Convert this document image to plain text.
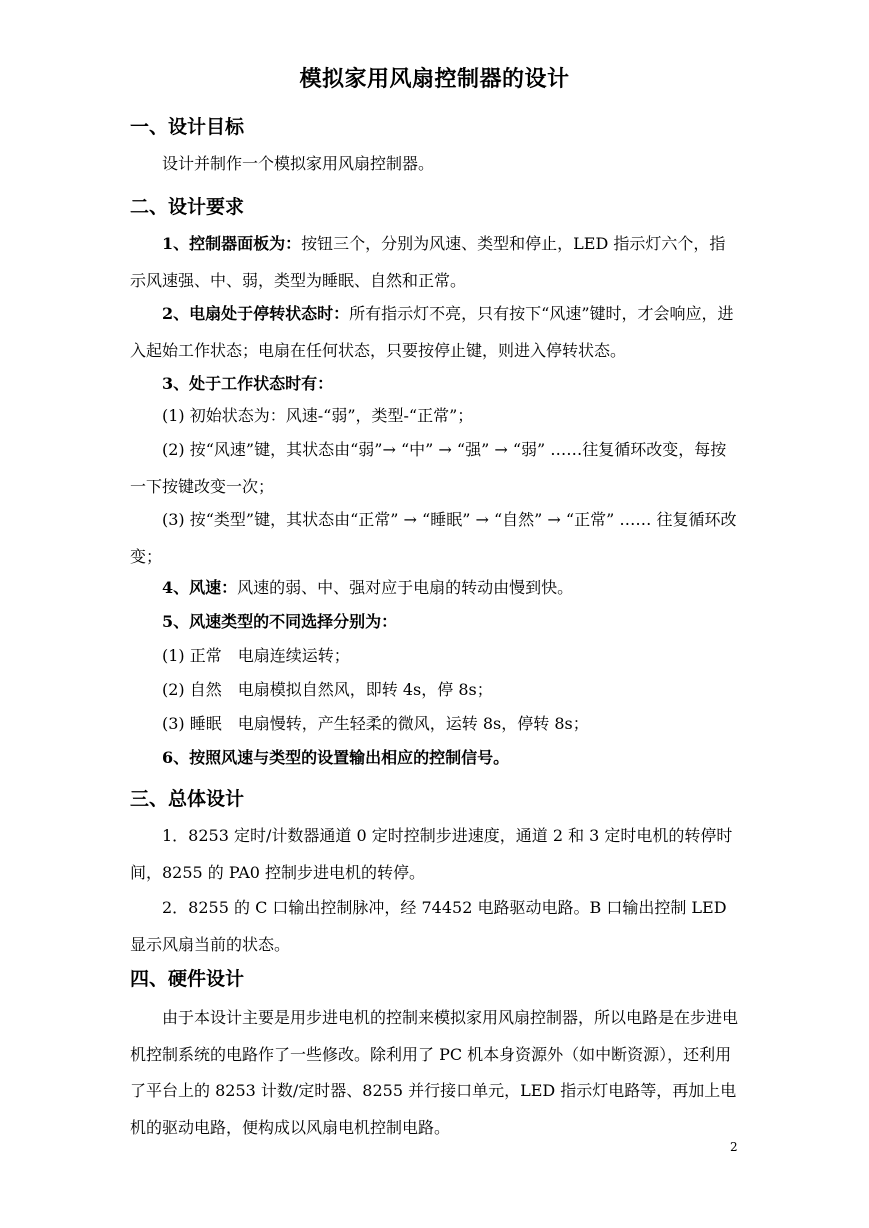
模拟家用风扇控制器的设计
一、设计目标
设计并制作一个模拟家用风扇控制器。
二、设计要求
1、控制器面板为：按钮三个，分别为风速、类型和停止，LED 指示灯六个，指示风速强、中、弱，类型为睡眠、自然和正常。
2、电扇处于停转状态时：所有指示灯不亮，只有按下“风速”键时，才会响应，进入起始工作状态；电扇在任何状态，只要按停止键，则进入停转状态。
3、处于工作状态时有：
(1) 初始状态为：风速-“弱”，类型-“正常”；
(2) 按“风速”键，其状态由“弱”→ “中” → “强” → “弱” ……往复循环改变，每按一下按键改变一次；
(3) 按“类型”键，其状态由“正常” → “睡眠” → “自然” → “正常” …… 往复循环改变；
4、风速：风速的弱、中、强对应于电扇的转动由慢到快。
5、风速类型的不同选择分别为：
(1) 正常　电扇连续运转；
(2) 自然　电扇模拟自然风，即转 4s，停 8s；
(3) 睡眠　电扇慢转，产生轻柔的微风，运转 8s，停转 8s；
6、按照风速与类型的设置输出相应的控制信号。
三、总体设计
1．8253 定时/计数器通道 0 定时控制步进速度，通道 2 和 3 定时电机的转停时间，8255 的 PA0 控制步进电机的转停。
2．8255 的 C 口输出控制脉冲，经 74452 电路驱动电路。B 口输出控制 LED 显示风扇当前的状态。
四、硬件设计
由于本设计主要是用步进电机的控制来模拟家用风扇控制器，所以电路是在步进电机控制系统的电路作了一些修改。除利用了 PC 机本身资源外（如中断资源），还利用了平台上的 8253 计数/定时器、8255 并行接口单元，LED 指示灯电路等，再加上电机的驱动电路，便构成以风扇电机控制电路。
2
